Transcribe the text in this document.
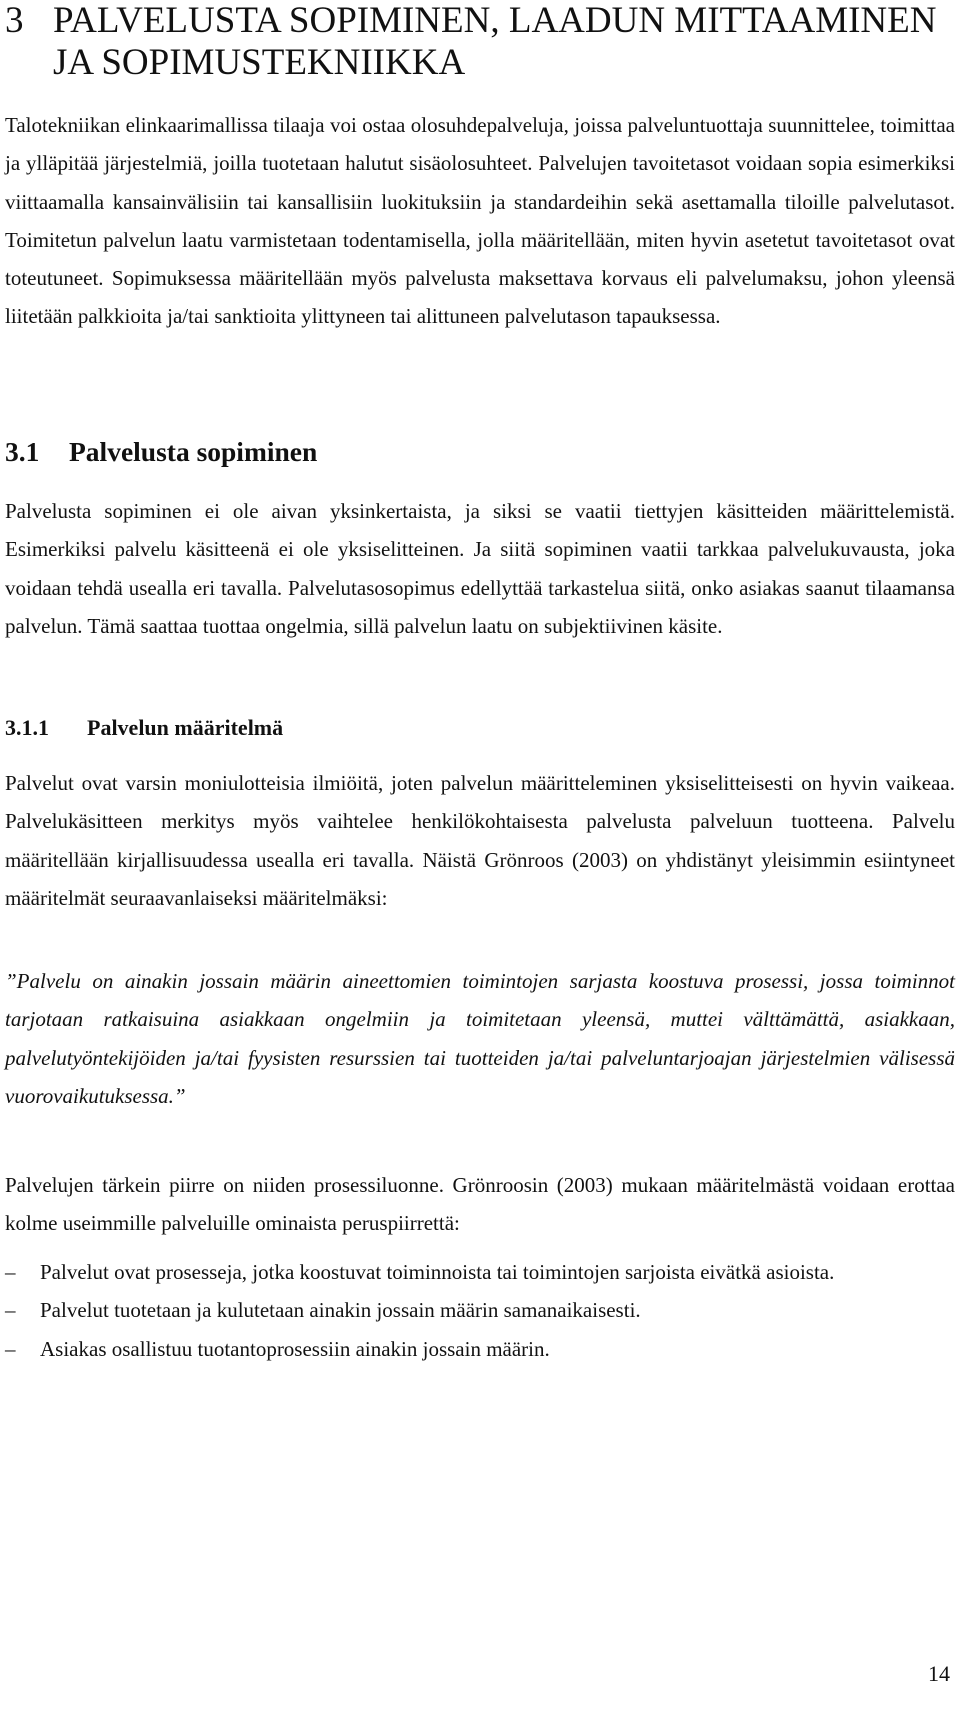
3 PALVELUSTA SOPIMINEN, LAADUN MITTAAMINEN JA SOPIMUSTEKNIIKKA

Talotekniikan elinkaarimallissa tilaaja voi ostaa olosuhdepalveluja, joissa palveluntuottaja suunnittelee, toimittaa ja ylläpitää järjestelmiä, joilla tuotetaan halutut sisäolosuhteet. Palvelujen tavoitetasot voidaan sopia esimerkiksi viittaamalla kansainvälisiin tai kansallisiin luokituksiin ja standardeihin sekä asettamalla tiloille palvelutasot. Toimitetun palvelun laatu varmistetaan todentamisella, jolla määritellään, miten hyvin asetetut tavoitetasot ovat toteutuneet. Sopimuksessa määritellään myös palvelusta maksettava korvaus eli palvelumaksu, johon yleensä liitetään palkkioita ja/tai sanktioita ylittyneen tai alittuneen palvelutason tapauksessa.

3.1	Palvelusta sopiminen

Palvelusta sopiminen ei ole aivan yksinkertaista, ja siksi se vaatii tiettyjen käsitteiden määrittelemistä. Esimerkiksi palvelu käsitteenä ei ole yksiselitteinen. Ja siitä sopiminen vaatii tarkkaa palvelukuvausta, joka voidaan tehdä usealla eri tavalla. Palvelutasosopimus edellyttää tarkastelua siitä, onko asiakas saanut tilaamansa palvelun. Tämä saattaa tuottaa ongelmia, sillä palvelun laatu on subjektiivinen käsite.

3.1.1	Palvelun määritelmä

Palvelut ovat varsin moniulotteisia ilmiöitä, joten palvelun määritteleminen yksiselitteisesti on hyvin vaikeaa. Palvelukäsitteen merkitys myös vaihtelee henkilökohtaisesta palvelusta palveluun tuotteena. Palvelu määritellään kirjallisuudessa usealla eri tavalla. Näistä Grönroos (2003) on yhdistänyt yleisimmin esiintyneet määritelmät seuraavanlaiseksi määritelmäksi:

”Palvelu on ainakin jossain määrin aineettomien toimintojen sarjasta koostuva prosessi, jossa toiminnot tarjotaan ratkaisuina asiakkaan ongelmiin ja toimitetaan yleensä, muttei välttämättä, asiakkaan, palvelutyöntekijöiden ja/tai fyysisten resurssien tai tuotteiden ja/tai palveluntarjoajan järjestelmien välisessä vuorovaikutuksessa.”

Palvelujen tärkein piirre on niiden prosessiluonne. Grönroosin (2003) mukaan määritelmästä voidaan erottaa kolme useimmille palveluille ominaista peruspiirrettä:

– Palvelut ovat prosesseja, jotka koostuvat toiminnoista tai toimintojen sarjoista eivätkä asioista.
– Palvelut tuotetaan ja kulutetaan ainakin jossain määrin samanaikaisesti.
– Asiakas osallistuu tuotantoprosessiin ainakin jossain määrin.
14
